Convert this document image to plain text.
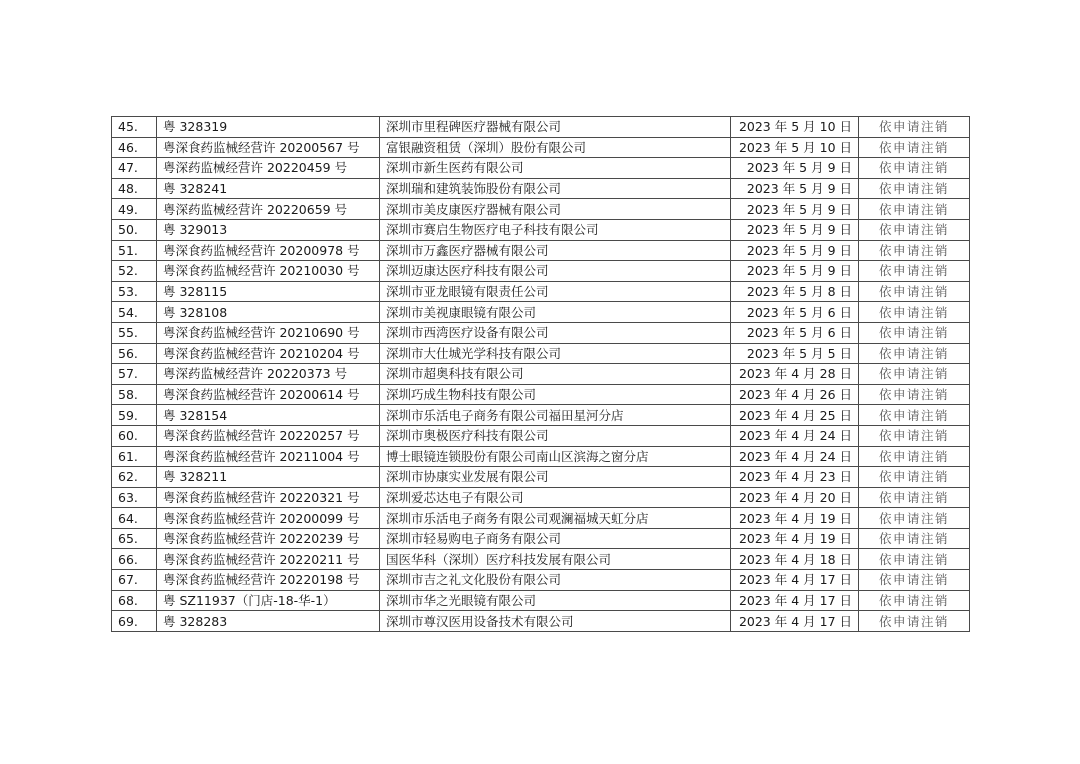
45.	粤 328319	深圳市里程碑医疗器械有限公司	2023 年 5 月 10 日	依申请注销
46.	粤深食药监械经营许 20200567 号	富银融资租赁（深圳）股份有限公司	2023 年 5 月 10 日	依申请注销
47.	粤深药监械经营许 20220459 号	深圳市新生医药有限公司	2023 年 5 月 9 日	依申请注销
48.	粤 328241	深圳瑞和建筑装饰股份有限公司	2023 年 5 月 9 日	依申请注销
49.	粤深药监械经营许 20220659 号	深圳市美皮康医疗器械有限公司	2023 年 5 月 9 日	依申请注销
50.	粤 329013	深圳市赛启生物医疗电子科技有限公司	2023 年 5 月 9 日	依申请注销
51.	粤深食药监械经营许 20200978 号	深圳市万鑫医疗器械有限公司	2023 年 5 月 9 日	依申请注销
52.	粤深食药监械经营许 20210030 号	深圳迈康达医疗科技有限公司	2023 年 5 月 9 日	依申请注销
53.	粤 328115	深圳市亚龙眼镜有限责任公司	2023 年 5 月 8 日	依申请注销
54.	粤 328108	深圳市美视康眼镜有限公司	2023 年 5 月 6 日	依申请注销
55.	粤深食药监械经营许 20210690 号	深圳市西湾医疗设备有限公司	2023 年 5 月 6 日	依申请注销
56.	粤深食药监械经营许 20210204 号	深圳市大仕城光学科技有限公司	2023 年 5 月 5 日	依申请注销
57.	粤深药监械经营许 20220373 号	深圳市超奥科技有限公司	2023 年 4 月 28 日	依申请注销
58.	粤深食药监械经营许 20200614 号	深圳巧成生物科技有限公司	2023 年 4 月 26 日	依申请注销
59.	粤 328154	深圳市乐活电子商务有限公司福田星河分店	2023 年 4 月 25 日	依申请注销
60.	粤深食药监械经营许 20220257 号	深圳市奥极医疗科技有限公司	2023 年 4 月 24 日	依申请注销
61.	粤深食药监械经营许 20211004 号	博士眼镜连锁股份有限公司南山区滨海之窗分店	2023 年 4 月 24 日	依申请注销
62.	粤 328211	深圳市协康实业发展有限公司	2023 年 4 月 23 日	依申请注销
63.	粤深食药监械经营许 20220321 号	深圳爱芯达电子有限公司	2023 年 4 月 20 日	依申请注销
64.	粤深食药监械经营许 20200099 号	深圳市乐活电子商务有限公司观澜福城天虹分店	2023 年 4 月 19 日	依申请注销
65.	粤深食药监械经营许 20220239 号	深圳市轻易购电子商务有限公司	2023 年 4 月 19 日	依申请注销
66.	粤深食药监械经营许 20220211 号	国医华科（深圳）医疗科技发展有限公司	2023 年 4 月 18 日	依申请注销
67.	粤深食药监械经营许 20220198 号	深圳市吉之礼文化股份有限公司	2023 年 4 月 17 日	依申请注销
68.	粤 SZ11937（门店-18-华-1）	深圳市华之光眼镜有限公司	2023 年 4 月 17 日	依申请注销
69.	粤 328283	深圳市尊汉医用设备技术有限公司	2023 年 4 月 17 日	依申请注销
